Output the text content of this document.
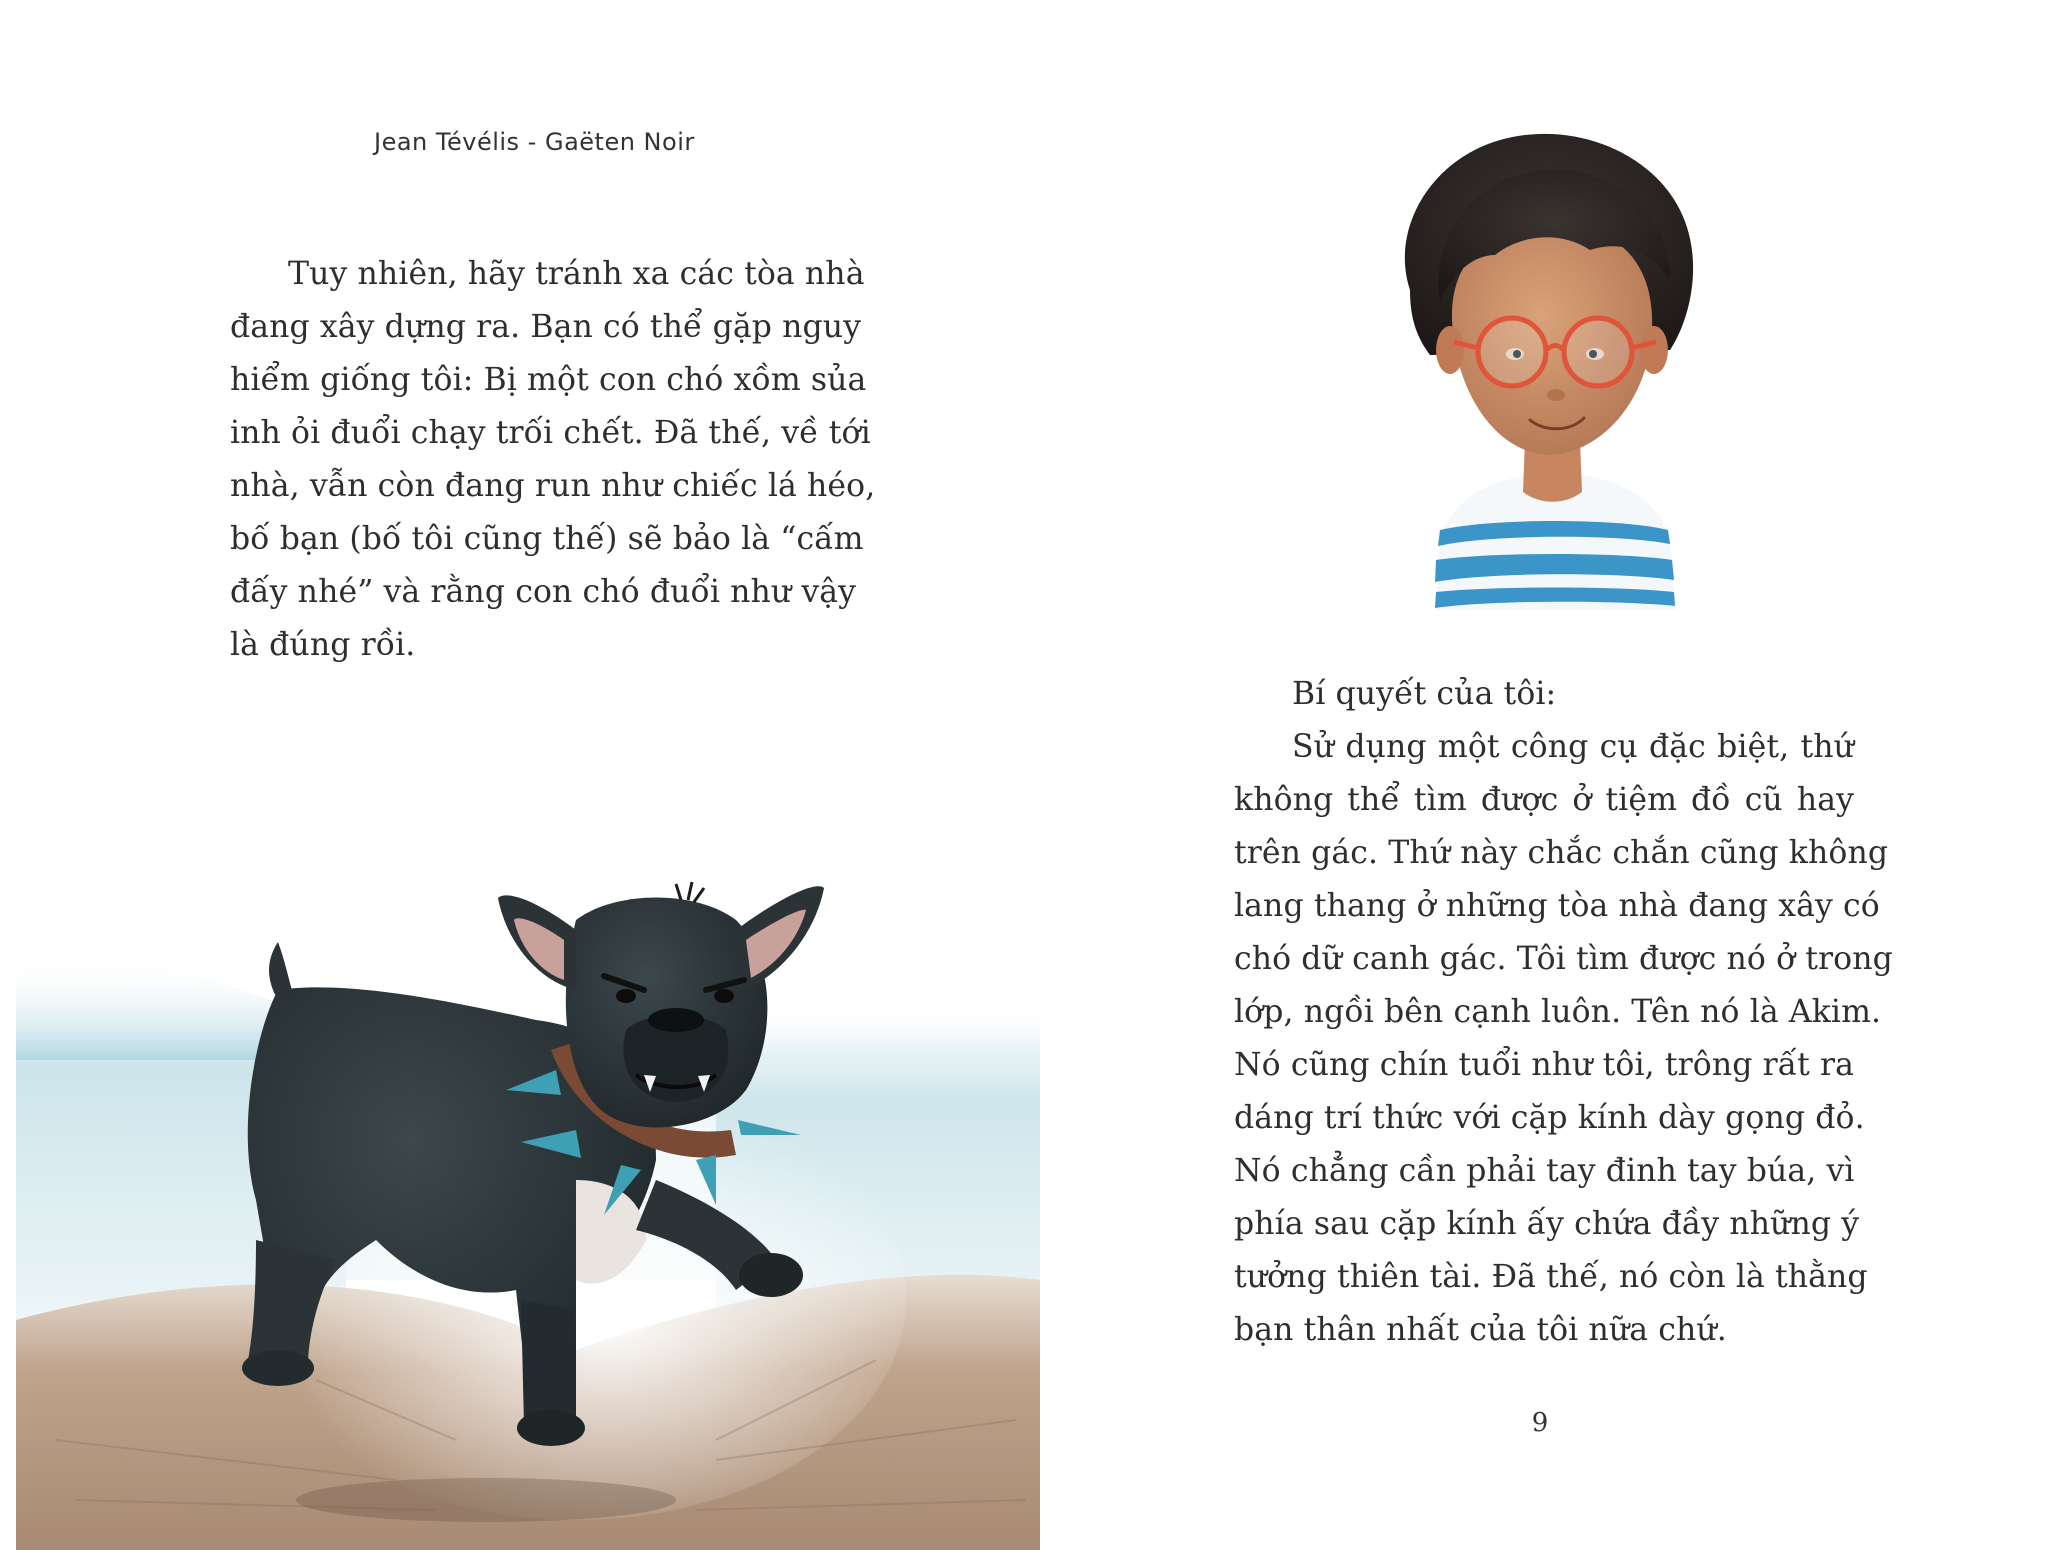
Jean Tévélis - Gaëten Noir
Tuy nhiên, hãy tránh xa các tòa nhà
đang xây dựng ra. Bạn có thể gặp nguy
hiểm giống tôi: Bị một con chó xồm sủa
inh ỏi đuổi chạy trối chết. Đã thế, về tới
nhà, vẫn còn đang run như chiếc lá héo,
bố bạn (bố tôi cũng thế) sẽ bảo là “cấm
đấy nhé” và rằng con chó đuổi như vậy
là đúng rồi.
Bí quyết của tôi:
Sử dụng một công cụ đặc biệt, thứ
không thể tìm được ở tiệm đồ cũ hay
trên gác. Thứ này chắc chắn cũng không
lang thang ở những tòa nhà đang xây có
chó dữ canh gác. Tôi tìm được nó ở trong
lớp, ngồi bên cạnh luôn. Tên nó là Akim.
Nó cũng chín tuổi như tôi, trông rất ra
dáng trí thức với cặp kính dày gọng đỏ.
Nó chẳng cần phải tay đinh tay búa, vì
phía sau cặp kính ấy chứa đầy những ý
tưởng thiên tài. Đã thế, nó còn là thằng
bạn thân nhất của tôi nữa chứ.
9
